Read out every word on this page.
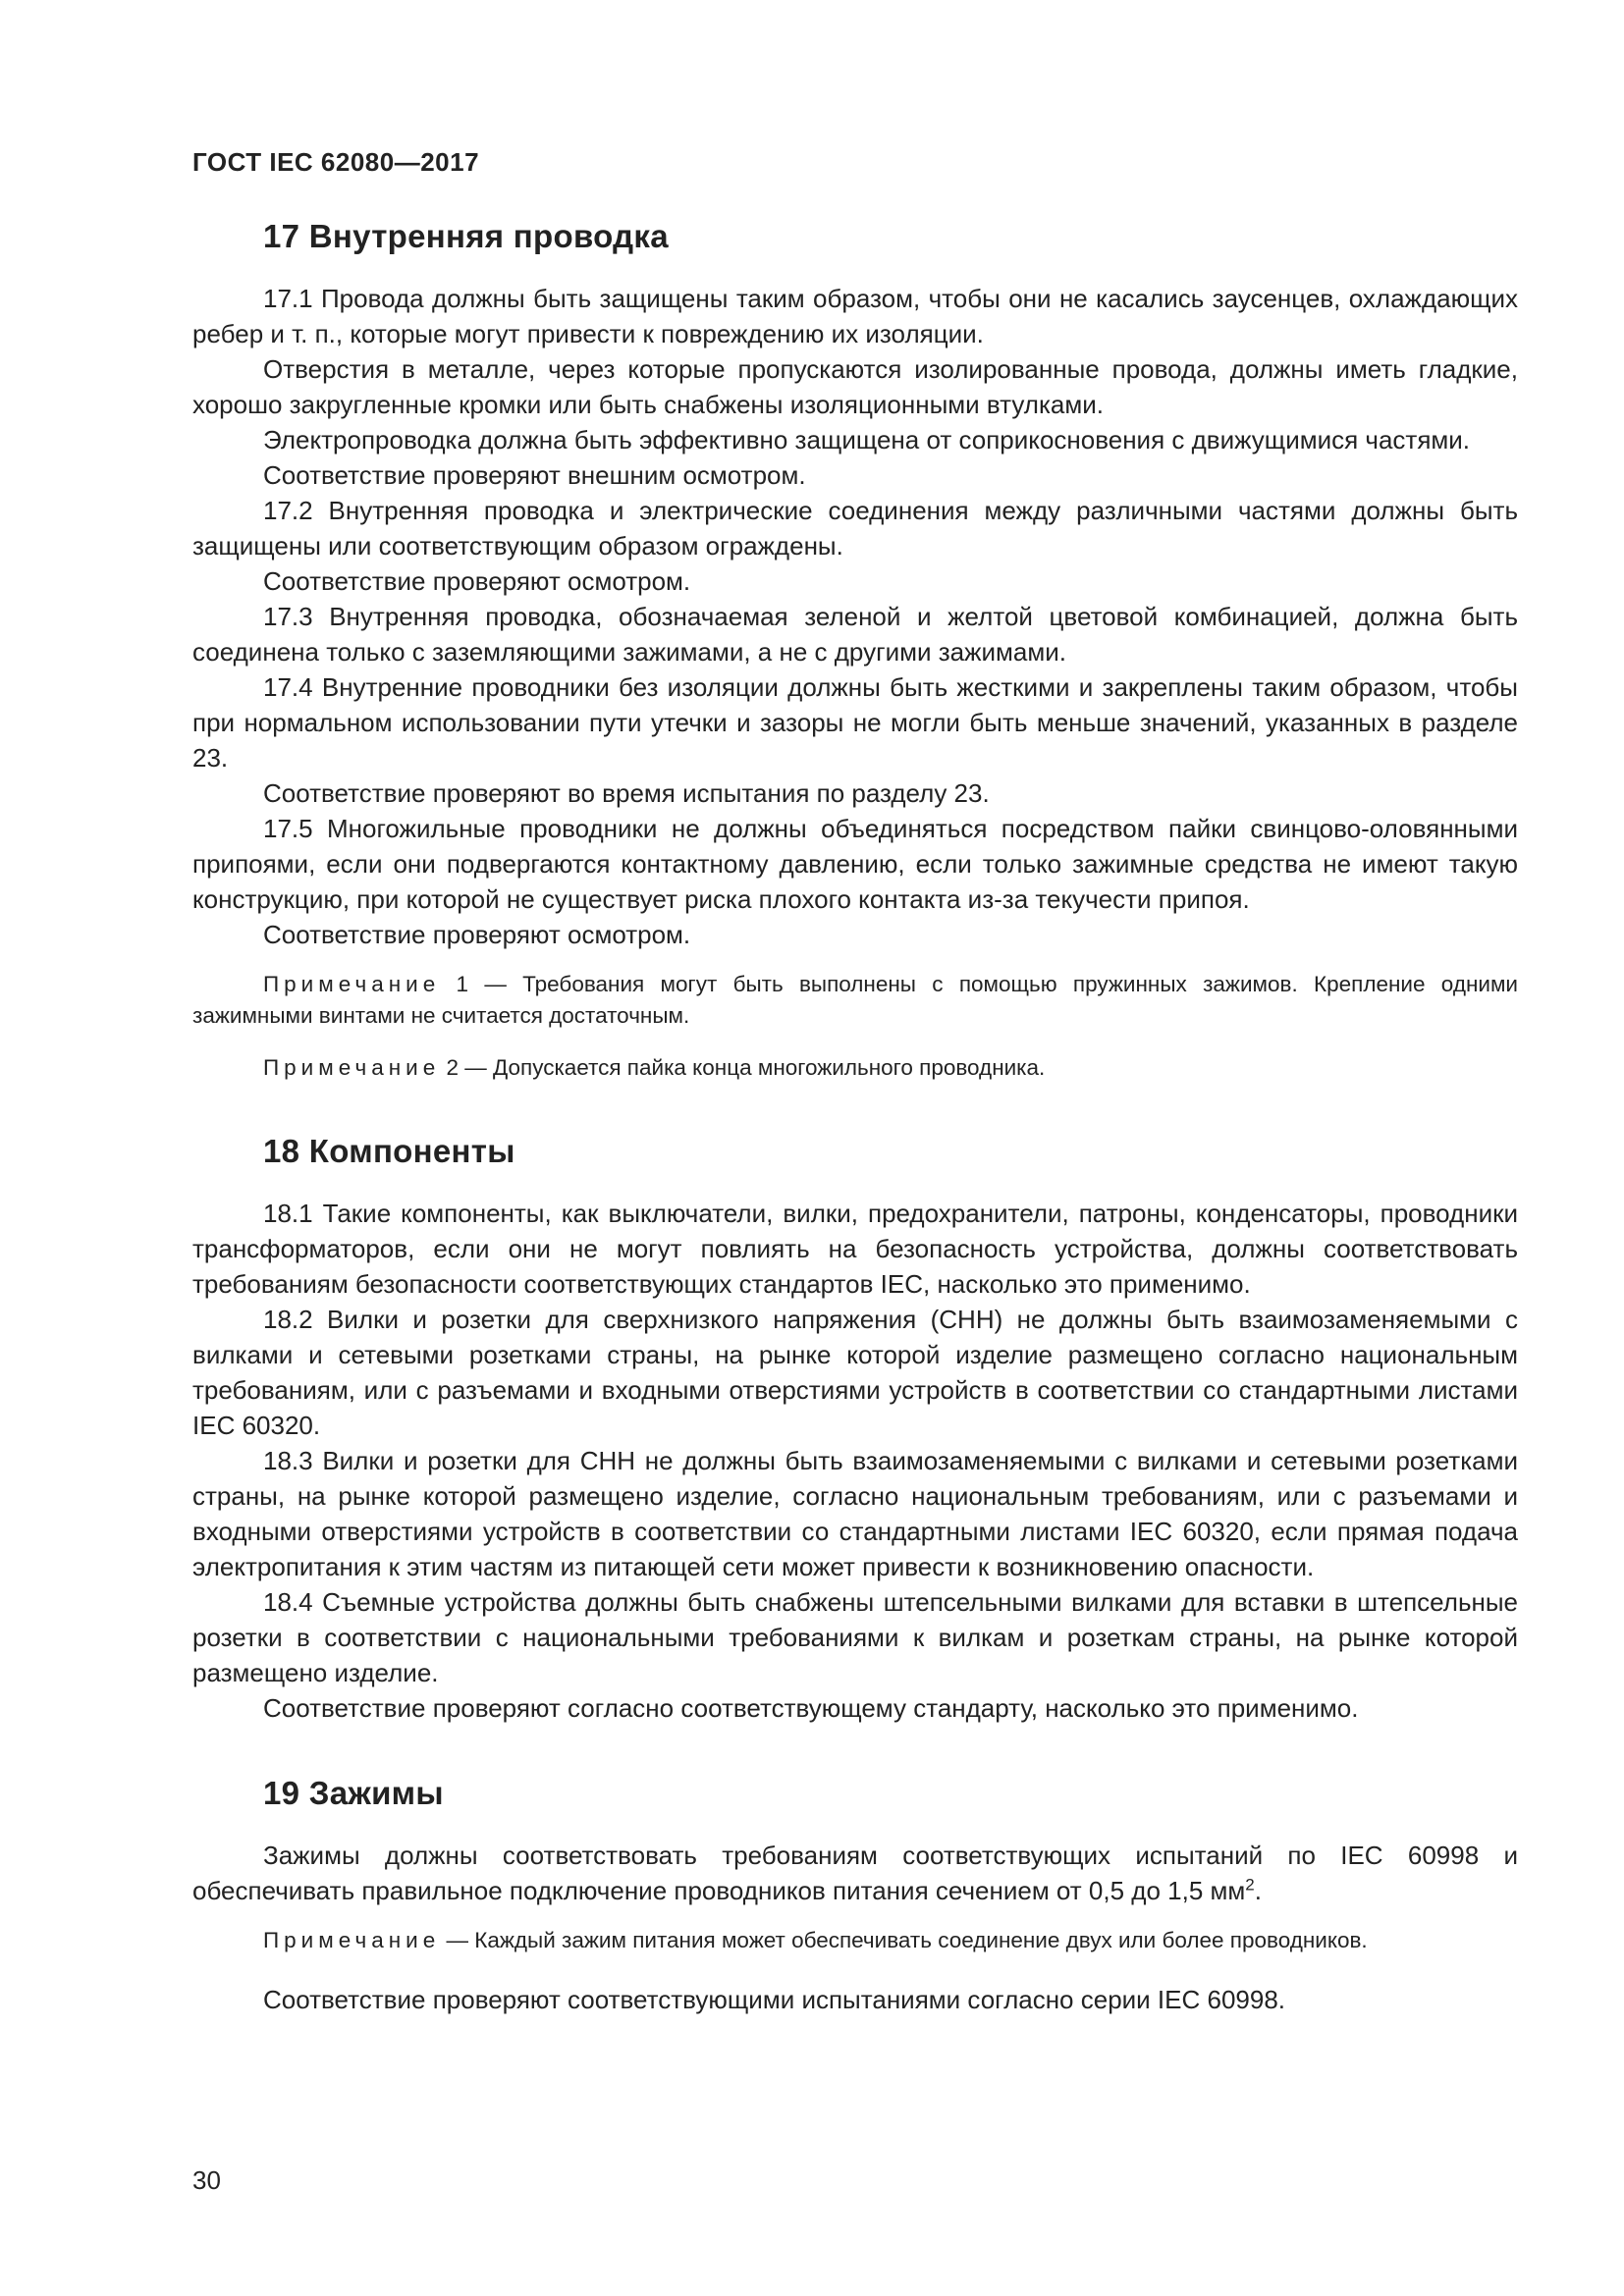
ГОСТ IEC 62080—2017
17 Внутренняя проводка

17.1 Провода должны быть защищены таким образом, чтобы они не касались заусенцев, охлаждающих ребер и т. п., которые могут привести к повреждению их изоляции.

Отверстия в металле, через которые пропускаются изолированные провода, должны иметь гладкие, хорошо закругленные кромки или быть снабжены изоляционными втулками.

Электропроводка должна быть эффективно защищена от соприкосновения с движущимися частями.

Соответствие проверяют внешним осмотром.

17.2 Внутренняя проводка и электрические соединения между различными частями должны быть защищены или соответствующим образом ограждены.

Соответствие проверяют осмотром.

17.3 Внутренняя проводка, обозначаемая зеленой и желтой цветовой комбинацией, должна быть соединена только с заземляющими зажимами, а не с другими зажимами.

17.4 Внутренние проводники без изоляции должны быть жесткими и закреплены таким образом, чтобы при нормальном использовании пути утечки и зазоры не могли быть меньше значений, указанных в разделе 23.

Соответствие проверяют во время испытания по разделу 23.

17.5 Многожильные проводники не должны объединяться посредством пайки свинцово-оловянными припоями, если они подвергаются контактному давлению, если только зажимные средства не имеют такую конструкцию, при которой не существует риска плохого контакта из-за текучести припоя.

Соответствие проверяют осмотром.

Примечание 1 — Требования могут быть выполнены с помощью пружинных зажимов. Крепление одними зажимными винтами не считается достаточным.

Примечание 2 — Допускается пайка конца многожильного проводника.

18 Компоненты

18.1 Такие компоненты, как выключатели, вилки, предохранители, патроны, конденсаторы, проводники трансформаторов, если они не могут повлиять на безопасность устройства, должны соответствовать требованиям безопасности соответствующих стандартов IEC, насколько это применимо.

18.2 Вилки и розетки для сверхнизкого напряжения (СНН) не должны быть взаимозаменяемыми с вилками и сетевыми розетками страны, на рынке которой изделие размещено согласно национальным требованиям, или с разъемами и входными отверстиями устройств в соответствии со стандартными листами IEC 60320.

18.3 Вилки и розетки для СНН не должны быть взаимозаменяемыми с вилками и сетевыми розетками страны, на рынке которой размещено изделие, согласно национальным требованиям, или с разъемами и входными отверстиями устройств в соответствии со стандартными листами IEC 60320, если прямая подача электропитания к этим частям из питающей сети может привести к возникновению опасности.

18.4 Съемные устройства должны быть снабжены штепсельными вилками для вставки в штепсельные розетки в соответствии с национальными требованиями к вилкам и розеткам страны, на рынке которой размещено изделие.

Соответствие проверяют согласно соответствующему стандарту, насколько это применимо.

19 Зажимы

Зажимы должны соответствовать требованиям соответствующих испытаний по IEC 60998 и обеспечивать правильное подключение проводников питания сечением от 0,5 до 1,5 $мм^2$.

Примечание — Каждый зажим питания может обеспечивать соединение двух или более проводников.

Соответствие проверяют соответствующими испытаниями согласно серии IEC 60998.

30
